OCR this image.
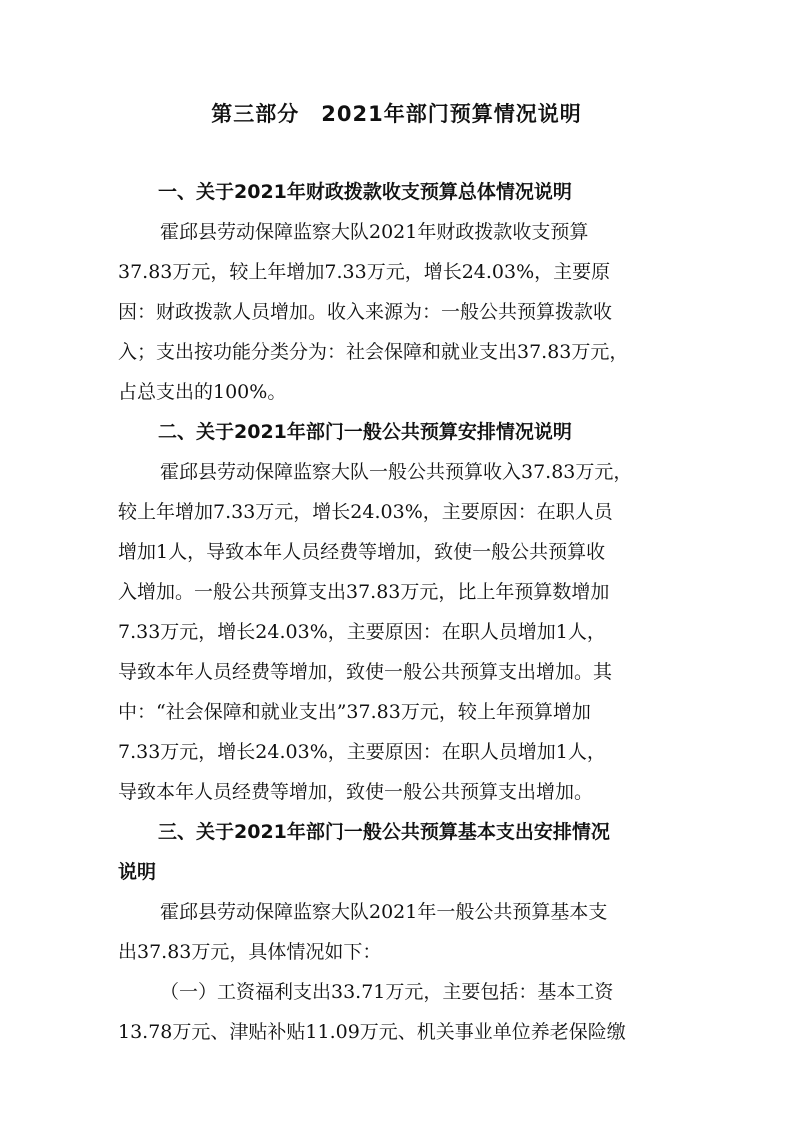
第三部分　2021年部门预算情况说明
一、关于2021年财政拨款收支预算总体情况说明
霍邱县劳动保障监察大队2021年财政拨款收支预算
37.83万元，较上年增加7.33万元，增长24.03%，主要原
因：财政拨款人员增加。收入来源为：一般公共预算拨款收
入；支出按功能分类分为：社会保障和就业支出37.83万元，
占总支出的100%。
二、关于2021年部门一般公共预算安排情况说明
霍邱县劳动保障监察大队一般公共预算收入37.83万元，
较上年增加7.33万元，增长24.03%，主要原因：在职人员
增加1人，导致本年人员经费等增加，致使一般公共预算收
入增加。一般公共预算支出37.83万元，比上年预算数增加
7.33万元，增长24.03%，主要原因：在职人员增加1人，
导致本年人员经费等增加，致使一般公共预算支出增加。其
中：“社会保障和就业支出”37.83万元，较上年预算增加
7.33万元，增长24.03%，主要原因：在职人员增加1人，
导致本年人员经费等增加，致使一般公共预算支出增加。
三、关于2021年部门一般公共预算基本支出安排情况
说明
霍邱县劳动保障监察大队2021年一般公共预算基本支
出37.83万元，具体情况如下：
（一）工资福利支出33.71万元，主要包括：基本工资
13.78万元、津贴补贴11.09万元、机关事业单位养老保险缴
